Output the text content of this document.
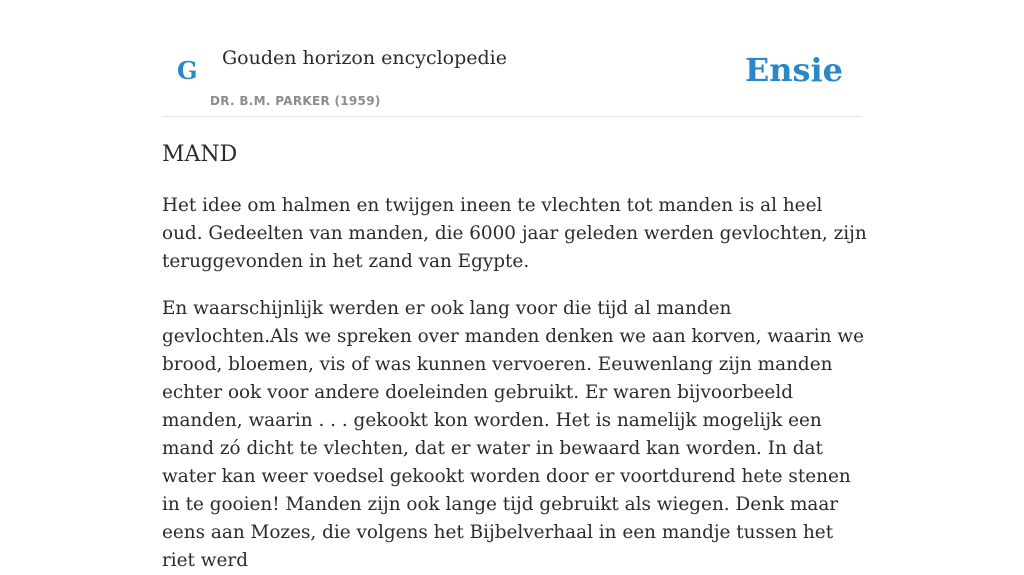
G Gouden horizon encyclopedie
DR. B.M. PARKER (1959)
Ensie
MAND

Het idee om halmen en twijgen ineen te vlechten tot manden is al heel oud. Gedeelten van manden, die 6000 jaar geleden werden gevlochten, zijn teruggevonden in het zand van Egypte.

En waarschijnlijk werden er ook lang voor die tijd al manden gevlochten.Als we spreken over manden denken we aan korven, waarin we brood, bloemen, vis of was kunnen vervoeren. Eeuwenlang zijn manden echter ook voor andere doeleinden gebruikt. Er waren bijvoorbeeld manden, waarin . . . gekookt kon worden. Het is namelijk mogelijk een mand zó dicht te vlechten, dat er water in bewaard kan worden. In dat water kan weer voedsel gekookt worden door er voortdurend hete stenen in te gooien! Manden zijn ook lange tijd gebruikt als wiegen. Denk maar eens aan Mozes, die volgens het Bijbelverhaal in een mandje tussen het riet werd
